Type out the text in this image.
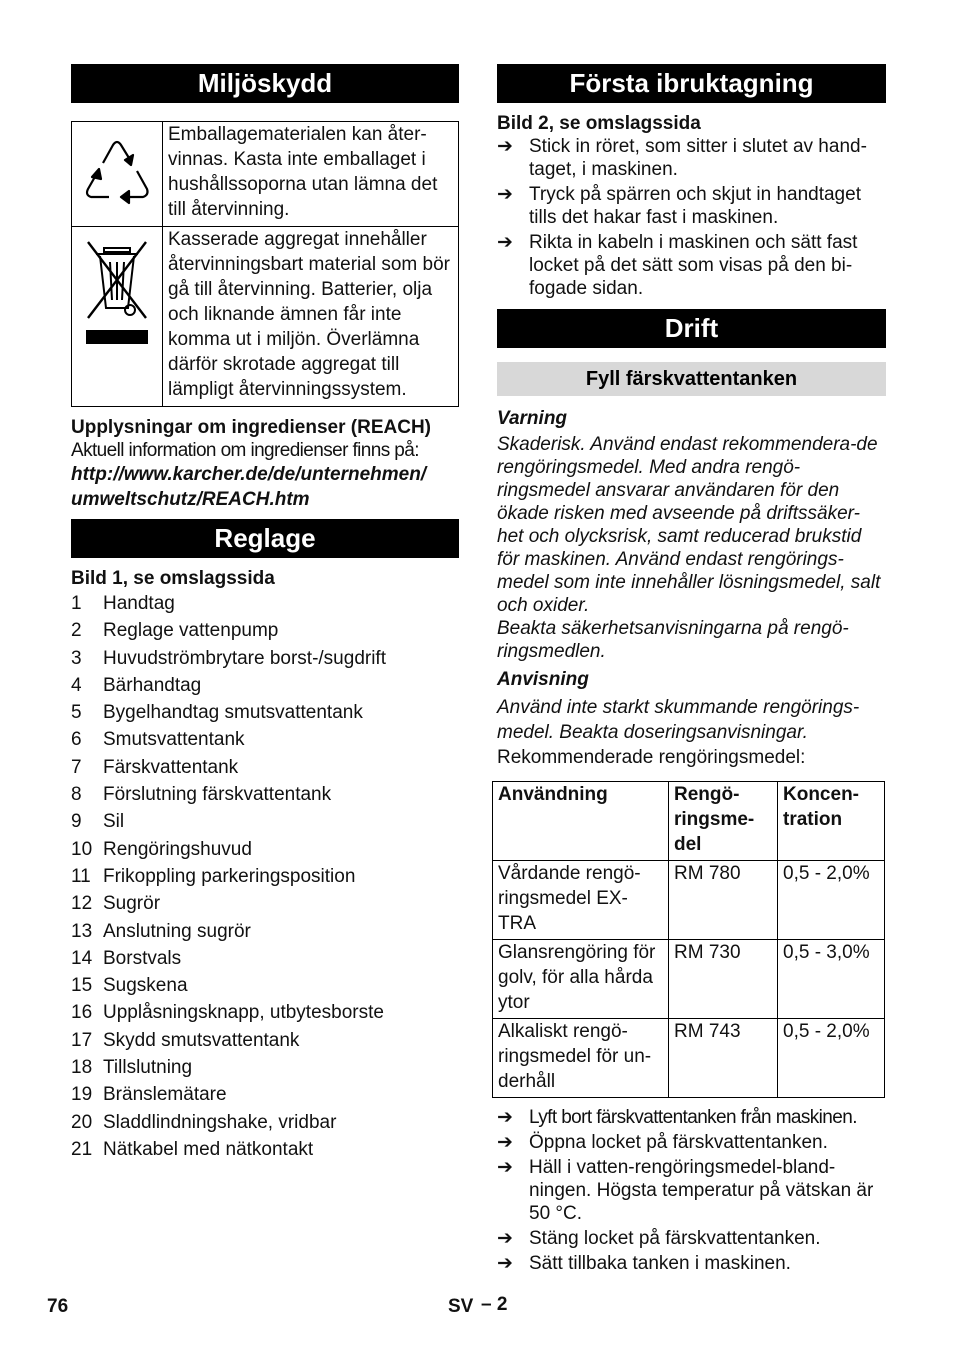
Miljöskydd
	Emballagematerialen kan åter-vinnas. Kasta inte emballaget i hushållssoporna utan lämna det till återvinning.
	Kasserade aggregat innehåller återvinningsbart material som bör gå till återvinning. Batterier, olja och liknande ämnen får inte komma ut i miljön. Överlämna därför skrotade aggregat till lämpligt återvinningssystem.
Upplysningar om ingredienser (REACH)
Aktuell information om ingredienser finns på:
http://www.karcher.de/de/unternehmen/ umweltschutz/REACH.htm
Reglage
Bild 1, se omslagssida
1	Handtag
2	Reglage vattenpump
3	Huvudströmbrytare borst-/sugdrift
4	Bärhandtag
5	Bygelhandtag smutsvattentank
6	Smutsvattentank
7	Färskvattentank
8	Förslutning färskvattentank
9	Sil
10 Rengöringshuvud
11 Frikoppling parkeringsposition
12 Sugrör
13 Anslutning sugrör
14 Borstvals
15 Sugskena
16 Upplåsningsknapp, utbytesborste
17 Skydd smutsvattentank
18 Tillslutning
19 Bränslemätare
20 Sladdlindningshake, vridbar
21 Nätkabel med nätkontakt
Första ibruktagning
Bild 2, se omslagssida
➔ Stick in röret, som sitter i slutet av hand-taget, i maskinen.
➔ Tryck på spärren och skjut in handtaget tills det hakar fast i maskinen.
➔ Rikta in kabeln i maskinen och sätt fast locket på det sätt som visas på den bi-fogade sidan.
Drift
Fyll färskvattentanken
Varning
Skaderisk. Använd endast rekommendera-de rengöringsmedel. Med andra rengö-ringsmedel ansvarar användaren för den ökade risken med avseende på driftssäker-het och olycksrisk, samt reducerad brukstid för maskinen. Använd endast rengörings-medel som inte innehåller lösningsmedel, salt och oxider.
Beakta säkerhetsanvisningarna på rengö-ringsmedlen.
Anvisning
Använd inte starkt skummande rengörings-medel. Beakta doseringsanvisningar.
Rekommenderade rengöringsmedel:
Användning	Rengö-ringsme-del	Koncen-tration
Vårdande rengö-ringsmedel EX-TRA	RM 780	0,5 - 2,0%
Glansrengöring för golv, för alla hårda ytor	RM 730	0,5 - 3,0%
Alkaliskt rengö-ringsmedel för un-derhåll	RM 743	0,5 - 2,0%
➔ Lyft bort färskvattentanken från maskinen.
➔ Öppna locket på färskvattentanken.
➔ Häll i vatten-rengöringsmedel-bland-ningen. Högsta temperatur på vätskan är 50 °C.
➔ Stäng locket på färskvattentanken.
➔ Sätt tillbaka tanken i maskinen.
76	SV – 2
